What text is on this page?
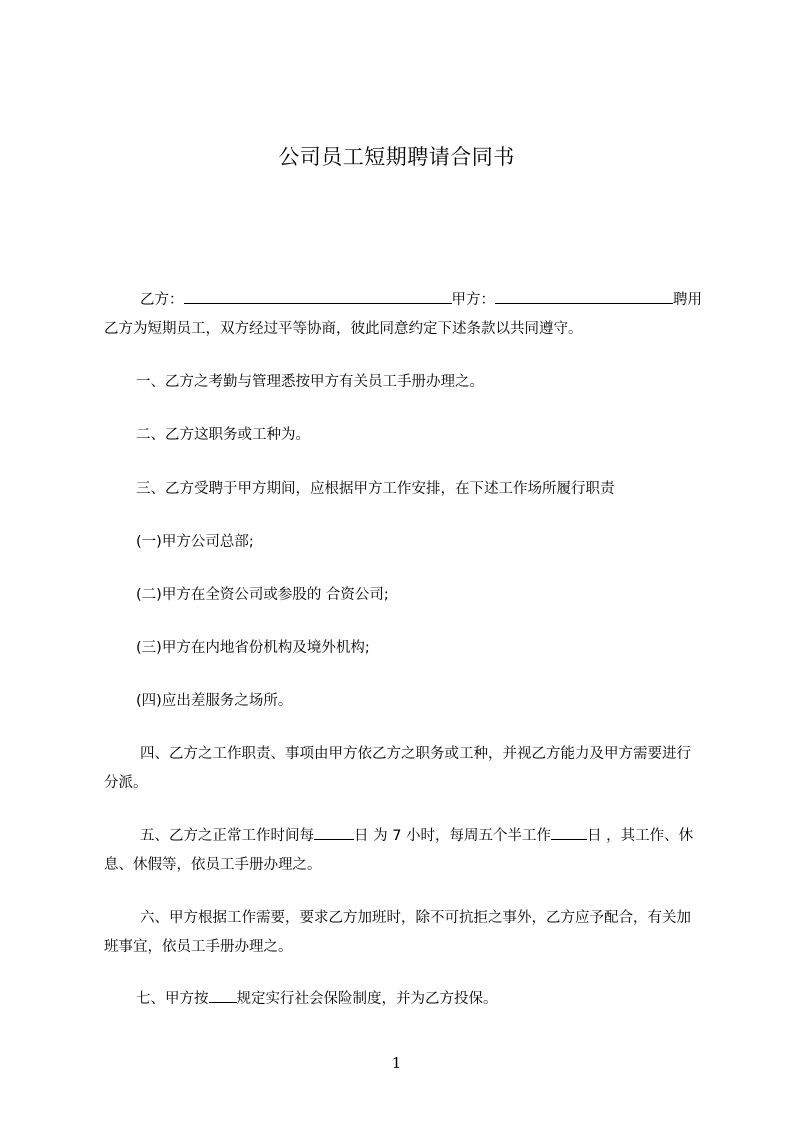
公司员工短期聘请合同书
乙方：	甲方：	聘用乙方为短期员工，双方经过平等协商，彼此同意约定下述条款以共同遵守。
一、乙方之考勤与管理悉按甲方有关员工手册办理之。
二、乙方这职务或工种为。
三、乙方受聘于甲方期间，应根据甲方工作安排，在下述工作场所履行职责
(一)甲方公司总部;
(二)甲方在全资公司或参股的 合资公司;
(三)甲方在内地省份机构及境外机构;
(四)应出差服务之场所。
四、乙方之工作职责、事项由甲方依乙方之职务或工种，并视乙方能力及甲方需要进行分派。
五、乙方之正常工作时间每	日 为 7 小时，每周五个半工作 日 ，其工作、休息、休假等，依员工手册办理之。
六、甲方根据工作需要，要求乙方加班时，除不可抗拒之事外，乙方应予配合，有关加班事宜，依员工手册办理之。
七、甲方按 规定实行社会保险制度，并为乙方投保。
1
